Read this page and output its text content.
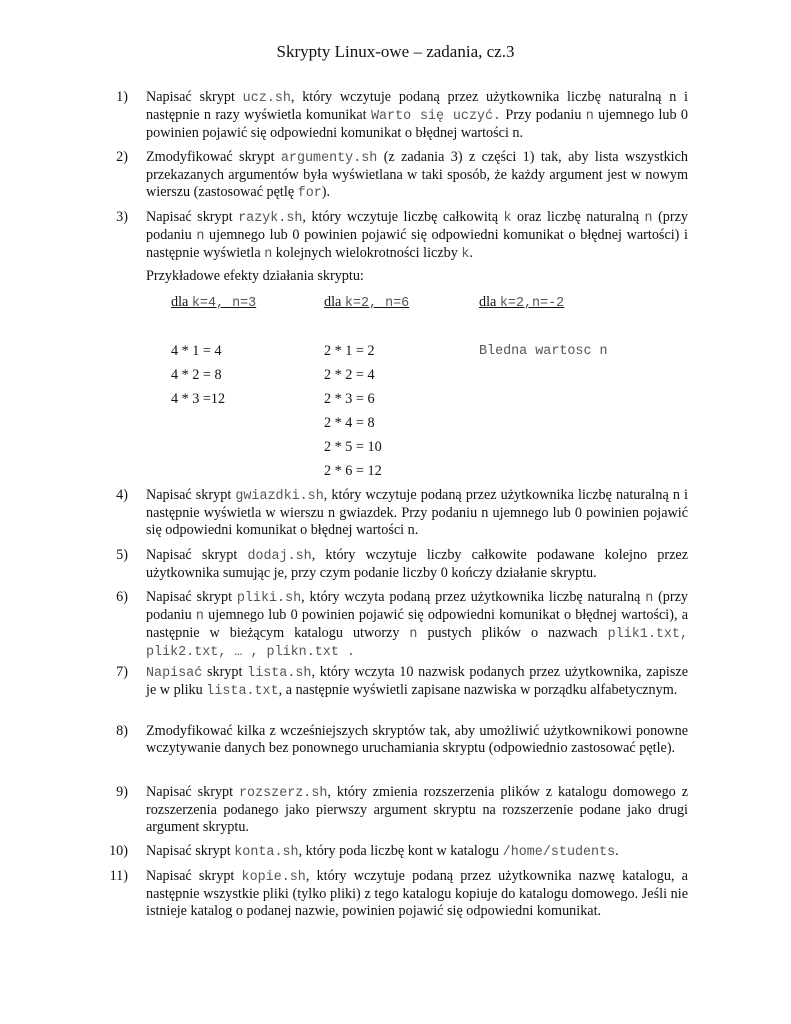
Skrypty Linux-owe – zadania, cz.3
1) Napisać skrypt ucz.sh, który wczytuje podaną przez użytkownika liczbę naturalną n i następnie n razy wyświetla komunikat Warto się uczyć. Przy podaniu n ujemnego lub 0 powinien pojawić się odpowiedni komunikat o błędnej wartości n.
2) Zmodyfikować skrypt argumenty.sh (z zadania 3) z części 1) tak, aby lista wszystkich przekazanych argumentów była wyświetlana w taki sposób, że każdy argument jest w nowym wierszu (zastosować pętlę for).
3) Napisać skrypt razyk.sh, który wczytuje liczbę całkowitą k oraz liczbę naturalną n (przy podaniu n ujemnego lub 0 powinien pojawić się odpowiedni komunikat o błędnej wartości) i następnie wyświetla n kolejnych wielokrotności liczby k.
Przykładowe efekty działania skryptu:
dla k=4, n=3
4 * 1 = 4
4 * 2 = 8
4 * 3 =12
dla k=2, n=6
2 * 1 = 2
2 * 2 = 4
2 * 3 = 6
2 * 4 = 8
2 * 5 = 10
2 * 6 = 12
dla k=2,n=-2
Bledna wartosc n
4) Napisać skrypt gwiazdki.sh, który wczytuje podaną przez użytkownika liczbę naturalną n i następnie wyświetla w wierszu n gwiazdek. Przy podaniu n ujemnego lub 0 powinien pojawić się odpowiedni komunikat o błędnej wartości n.
5) Napisać skrypt dodaj.sh, który wczytuje liczby całkowite podawane kolejno przez użytkownika sumując je, przy czym podanie liczby 0 kończy działanie skryptu.
6) Napisać skrypt pliki.sh, który wczyta podaną przez użytkownika liczbę naturalną n (przy podaniu n ujemnego lub 0 powinien pojawić się odpowiedni komunikat o błędnej wartości), a następnie w bieżącym katalogu utworzy n pustych plików o nazwach plik1.txt, plik2.txt, … , plikn.txt .
7) Napisać skrypt lista.sh, który wczyta 10 nazwisk podanych przez użytkownika, zapisze je w pliku lista.txt, a następnie wyświetli zapisane nazwiska w porządku alfabetycznym.
8) Zmodyfikować kilka z wcześniejszych skryptów tak, aby umożliwić użytkownikowi ponowne wczytywanie danych bez ponownego uruchamiania skryptu (odpowiednio zastosować pętle).
9) Napisać skrypt rozszerz.sh, który zmienia rozszerzenia plików z katalogu domowego z rozszerzenia podanego jako pierwszy argument skryptu na rozszerzenie podane jako drugi argument skryptu.
10) Napisać skrypt konta.sh, który poda liczbę kont w katalogu /home/students.
11) Napisać skrypt kopie.sh, który wczytuje podaną przez użytkownika nazwę katalogu, a następnie wszystkie pliki (tylko pliki) z tego katalogu kopiuje do katalogu domowego. Jeśli nie istnieje katalog o podanej nazwie, powinien pojawić się odpowiedni komunikat.
